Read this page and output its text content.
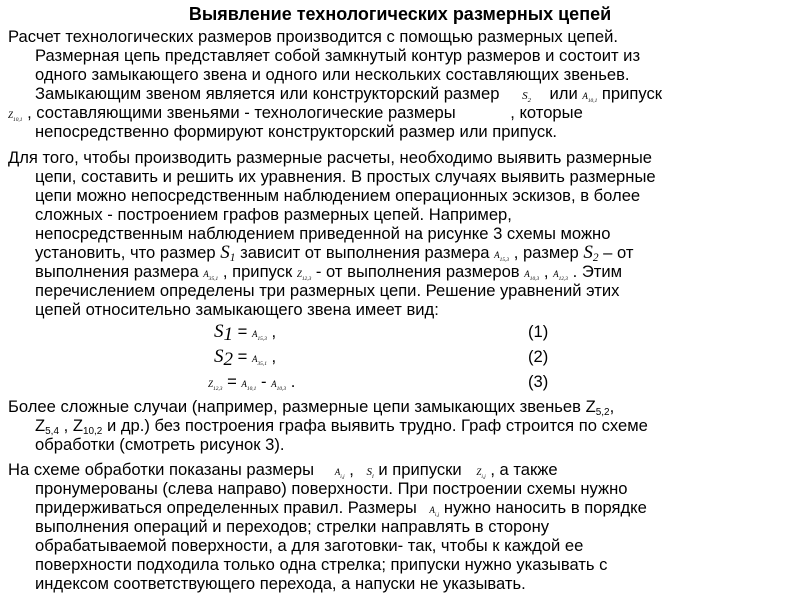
Выявление технологических размерных цепей
Расчет технологических размеров производится с помощью размерных цепей.
Размерная цепь представляет собой замкнутый контур размеров и состоит из
одного замыкающего звена и одного или нескольких составляющих звеньев.
Замыкающим звеном является или конструкторский размер $S_2$ или $A_{10,1}$ припуск
$Z_{10,1}$ , составляющими звеньями - технологические размеры	, которые
непосредственно формируют конструкторский размер или припуск.
Для того, чтобы производить размерные расчеты, необходимо выявить размерные
цепи, составить и решить их уравнения. В простых случаях выявить размерные
цепи можно непосредственным наблюдением операционных эскизов, в более
сложных - построением графов размерных цепей. Например,
непосредственным наблюдением приведенной на рисунке 3 схемы можно
установить, что размер $S_1$ зависит от выполнения размера $A_{15,3}$ , размер $S_2$ – от
выполнения размера $A_{35,1}$ , припуск $Z_{12,3}$ - от выполнения размеров $A_{10,3}$ , $A_{12,3}$ . Этим
перечислением определены три размерных цепи. Решение уравнений этих
цепей относительно замыкающего звена имеет вид:
$S_1 = A_{15,3}$ ,	(1)
$S_2 = A_{35,1}$ ,	(2)
$Z_{12,3} = A_{10,1} - A_{10,3}$ .	(3)
Более сложные случаи (например, размерные цепи замыкающих звеньев $Z_{5,2}$,
$Z_{5,4}$ , $Z_{10,2}$ и др.) без построения графа выявить трудно. Граф строится по схеме
обработки (смотреть рисунок 3).
На схеме обработки показаны размеры $A_{i,j}$ , $S_i$ и припуски $Z_{i,j}$ , а также
пронумерованы (слева направо) поверхности. При построении схемы нужно
придерживаться определенных правил. Размеры $A_{i,j}$ нужно наносить в порядке
выполнения операций и переходов; стрелки направлять в сторону
обрабатываемой поверхности, а для заготовки- так, чтобы к каждой ее
поверхности подходила только одна стрелка; припуски нужно указывать с
индексом соответствующего перехода, а напуски не указывать.
